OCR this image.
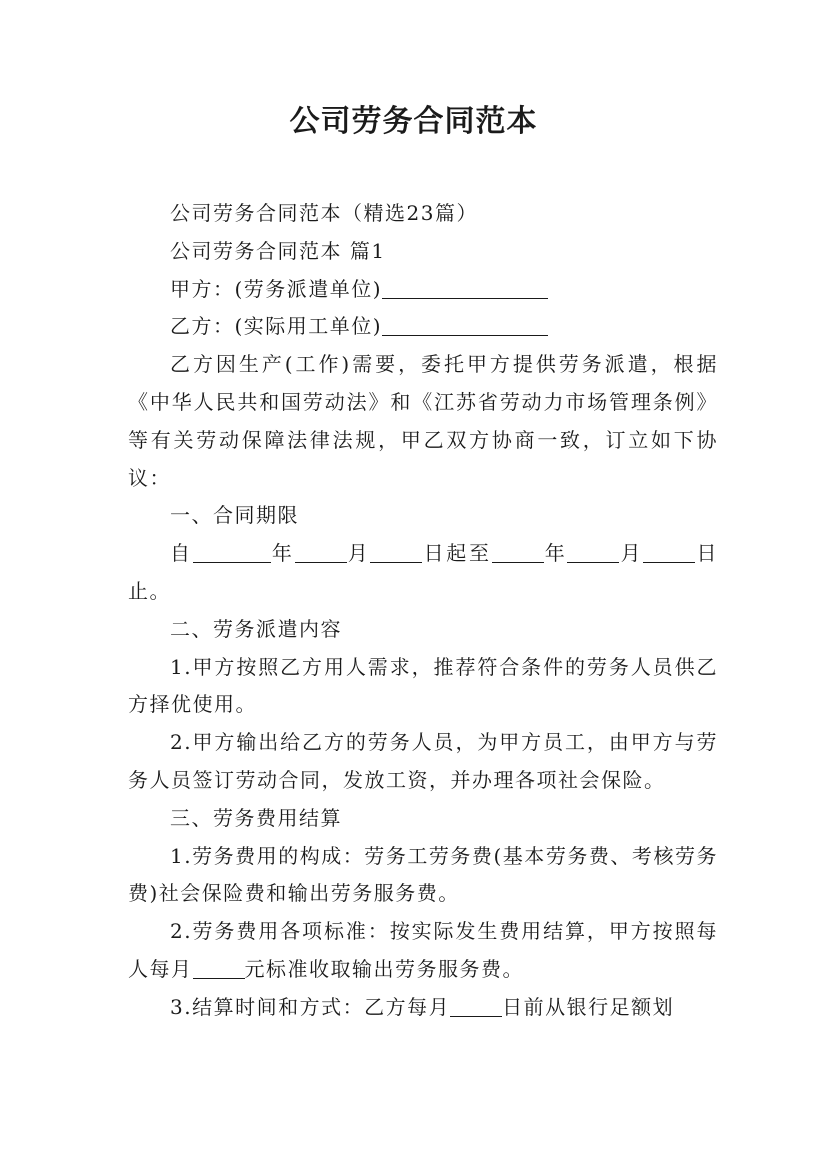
公司劳务合同范本

公司劳务合同范本（精选23篇）

公司劳务合同范本 篇1

甲方：(劳务派遣单位)

乙方：(实际用工单位)

乙方因生产(工作)需要，委托甲方提供劳务派遣，根据《中华人民共和国劳动法》和《江苏省劳动力市场管理条例》等有关劳动保障法律法规，甲乙双方协商一致，订立如下协议：

一、合同期限

自	年	月	日起至	年	月	日止。

二、劳务派遣内容

1.甲方按照乙方用人需求，推荐符合条件的劳务人员供乙方择优使用。

2.甲方输出给乙方的劳务人员，为甲方员工，由甲方与劳务人员签订劳动合同，发放工资，并办理各项社会保险。

三、劳务费用结算

1.劳务费用的构成：劳务工劳务费(基本劳务费、考核劳务费)社会保险费和输出劳务服务费。

2.劳务费用各项标准：按实际发生费用结算，甲方按照每人每月	元标准收取输出劳务服务费。

3.结算时间和方式：乙方每月	日前从银行足额划
